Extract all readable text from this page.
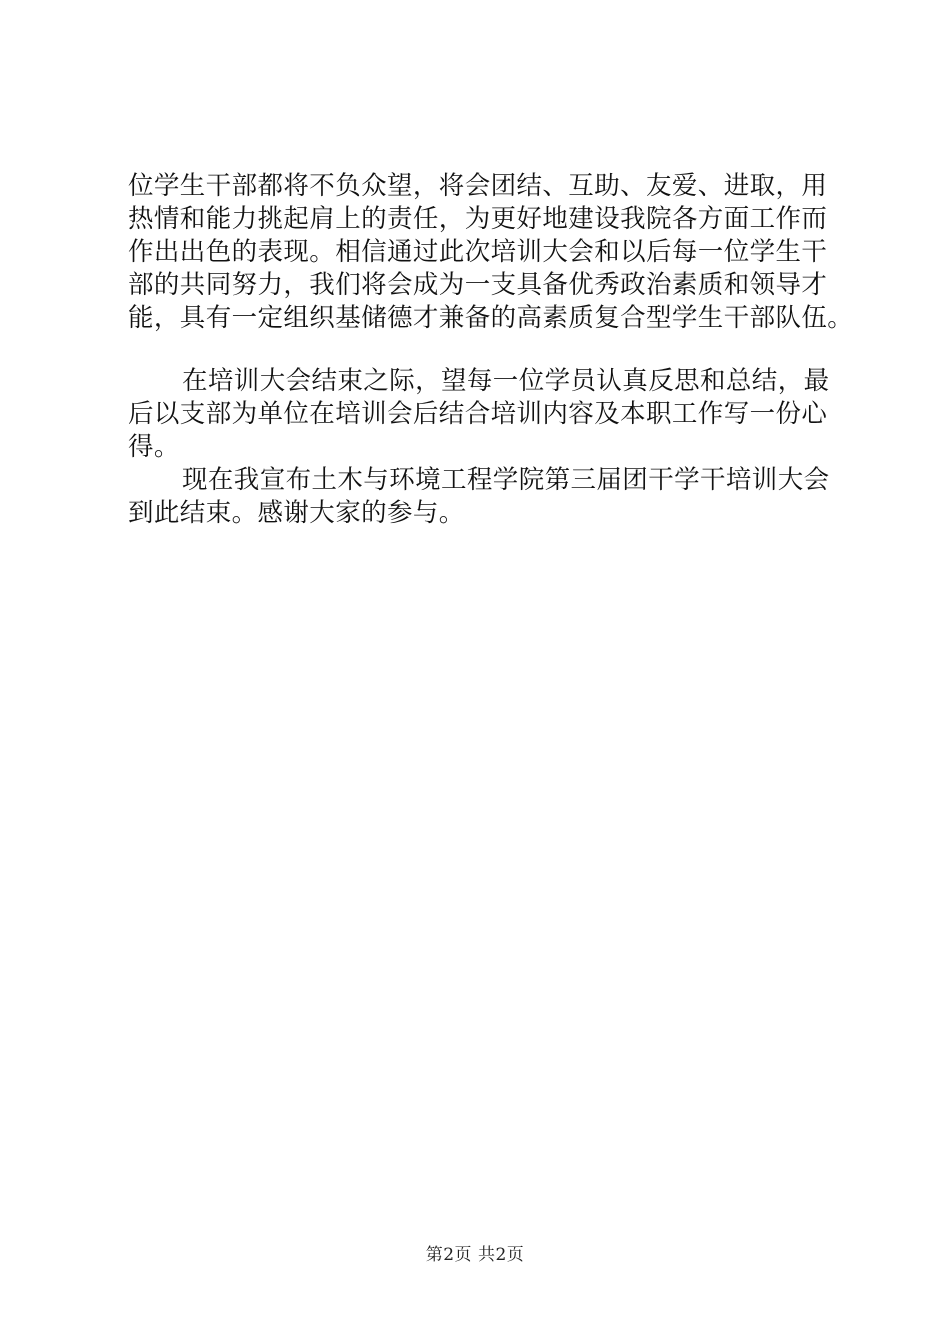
位学生干部都将不负众望，将会团结、互助、友爱、进取，用
热情和能力挑起肩上的责任，为更好地建设我院各方面工作而
作出出色的表现。相信通过此次培训大会和以后每一位学生干
部的共同努力，我们将会成为一支具备优秀政治素质和领导才
能，具有一定组织基储德才兼备的高素质复合型学生干部队伍。
在培训大会结束之际，望每一位学员认真反思和总结，最
后以支部为单位在培训会后结合培训内容及本职工作写一份心
得。
现在我宣布土木与环境工程学院第三届团干学干培训大会
到此结束。感谢大家的参与。
第2页 共2页
